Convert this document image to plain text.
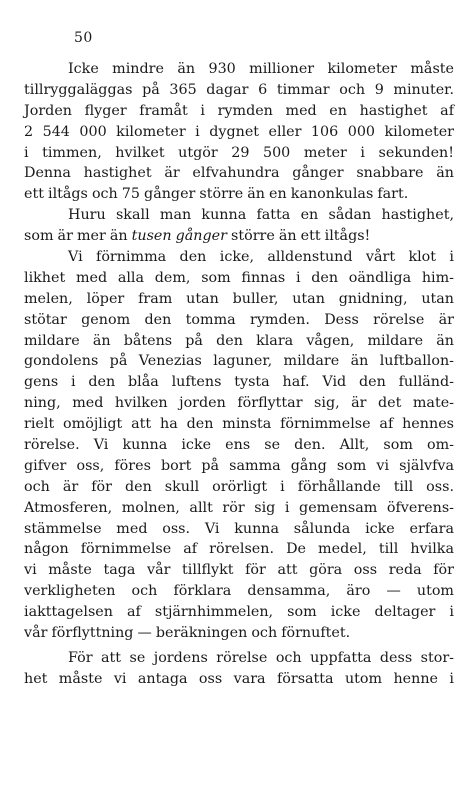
50
Icke mindre än 930 millioner kilometer måste
tillryggaläggas på 365 dagar 6 timmar och 9 minuter.
Jorden flyger framåt i rymden med en hastighet af
2 544 000 kilometer i dygnet eller 106 000 kilometer
i timmen, hvilket utgör 29 500 meter i sekunden!
Denna hastighet är elfvahundra gånger snabbare än
ett iltågs och 75 gånger större än en kanonkulas fart.
Huru skall man kunna fatta en sådan hastighet,
som är mer än tusen gånger större än ett iltågs!
Vi förnimma den icke, alldenstund vårt klot i
likhet med alla dem, som finnas i den oändliga him-
melen, löper fram utan buller, utan gnidning, utan
stötar genom den tomma rymden. Dess rörelse är
mildare än båtens på den klara vågen, mildare än
gondolens på Venezias laguner, mildare än luftballon-
gens i den blåa luftens tysta haf. Vid den fulländ-
ning, med hvilken jorden förflyttar sig, är det mate-
rielt omöjligt att ha den minsta förnimmelse af hennes
rörelse. Vi kunna icke ens se den. Allt, som om-
gifver oss, föres bort på samma gång som vi självfva
och är för den skull orörligt i förhållande till oss.
Atmosferen, molnen, allt rör sig i gemensam öfverens-
stämmelse med oss. Vi kunna sålunda icke erfara
någon förnimmelse af rörelsen. De medel, till hvilka
vi måste taga vår tillflykt för att göra oss reda för
verkligheten och förklara densamma, äro — utom
iakttagelsen af stjärnhimmelen, som icke deltager i
vår förflyttning — beräkningen och förnuftet.
För att se jordens rörelse och uppfatta dess stor-
het måste vi antaga oss vara försatta utom henne i
